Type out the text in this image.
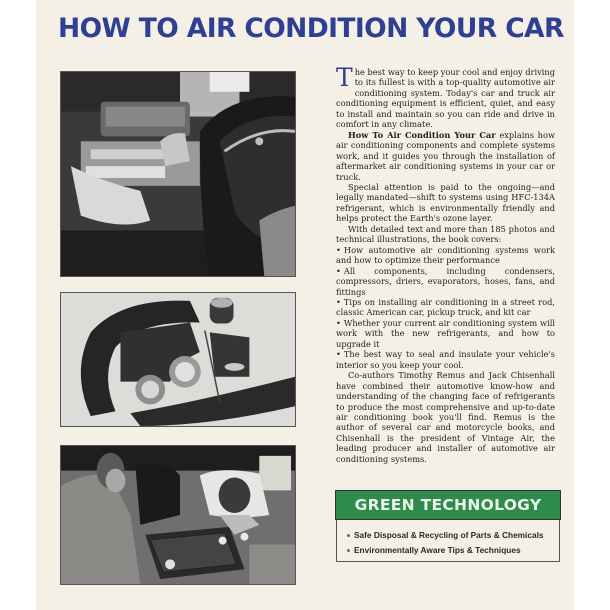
HOW TO AIR CONDITION YOUR CAR

The best way to keep your cool and enjoy driving to its fullest is with a top-quality automotive air conditioning system. Today's car and truck air conditioning equipment is efficient, quiet, and easy to install and maintain so you can ride and drive in comfort in any climate.

How To Air Condition Your Car explains how air conditioning components and complete systems work, and it guides you through the installation of aftermarket air conditioning systems in your car or truck.

Special attention is paid to the ongoing—and legally mandated—shift to systems using HFC-134A refrigerant, which is environmentally friendly and helps protect the Earth's ozone layer.

With detailed text and more than 185 photos and technical illustrations, the book covers:

• How automotive air conditioning systems work and how to optimize their performance

• All components, including condensers, compressors, driers, evaporators, hoses, fans, and fittings

• Tips on installing air conditioning in a street rod, classic American car, pickup truck, and kit car

• Whether your current air conditioning system will work with the new refrigerants, and how to upgrade it

• The best way to seal and insulate your vehicle's interior so you keep your cool.

Co-authors Timothy Remus and Jack Chisenhall have combined their automotive know-how and understanding of the changing face of refrigerants to produce the most comprehensive and up-to-date air conditioning book you'll find. Remus is the author of several car and motorcycle books, and Chisenhall is the president of Vintage Air, the leading producer and installer of automotive air conditioning systems.

GREEN TECHNOLOGY
Safe Disposal & Recycling of Parts & Chemicals
Environmentally Aware Tips & Techniques
